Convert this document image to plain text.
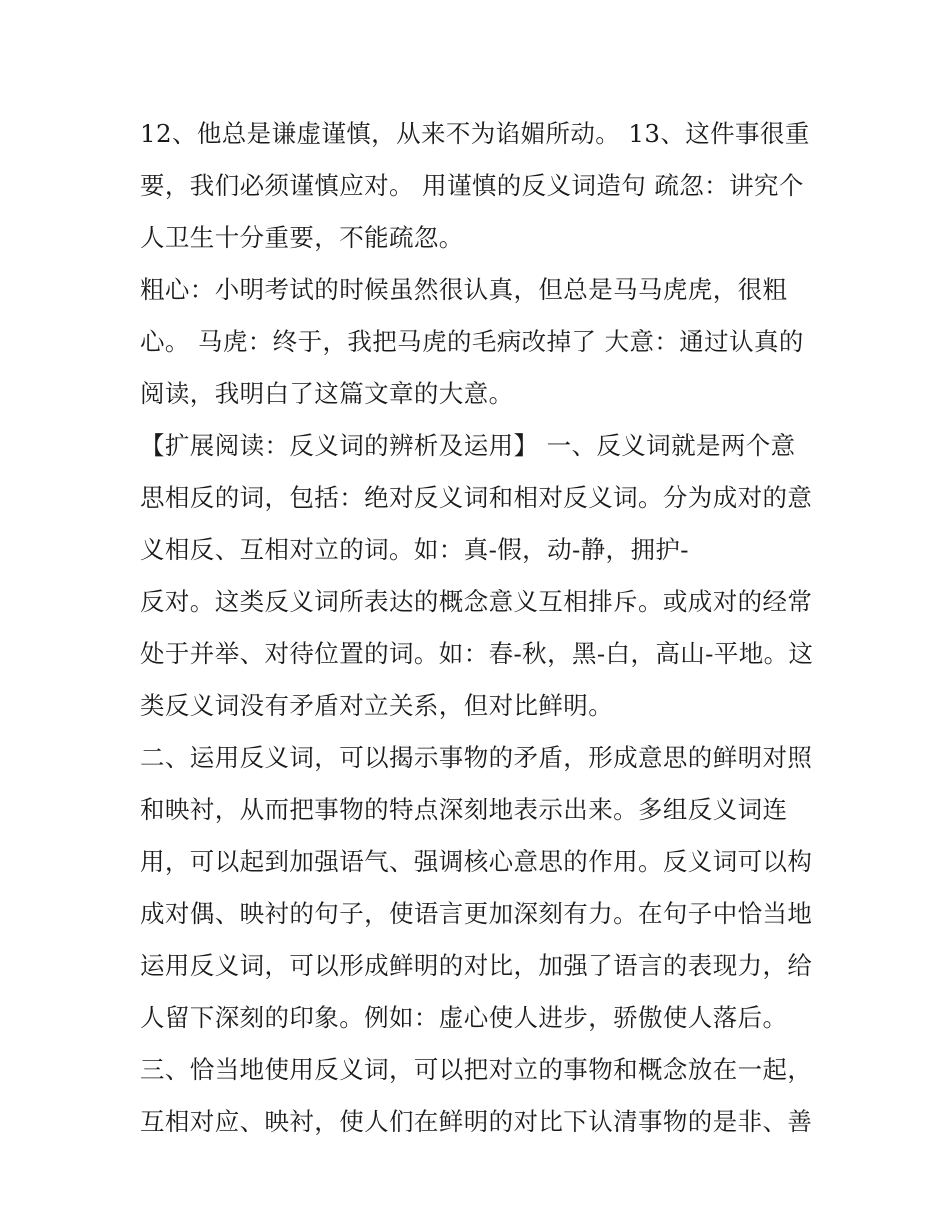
12、他总是谦虚谨慎，从来不为谄媚所动。 13、这件事很重
要，我们必须谨慎应对。 用谨慎的反义词造句 疏忽：讲究个
人卫生十分重要，不能疏忽。
粗心：小明考试的时候虽然很认真，但总是马马虎虎，很粗
心。 马虎：终于，我把马虎的毛病改掉了 大意：通过认真的
阅读，我明白了这篇文章的大意。
【扩展阅读：反义词的辨析及运用】 一、反义词就是两个意
思相反的词，包括：绝对反义词和相对反义词。分为成对的意
义相反、互相对立的词。如：真-假，动-静，拥护-
反对。这类反义词所表达的概念意义互相排斥。或成对的经常
处于并举、对待位置的词。如：春-秋，黑-白，高山-平地。这
类反义词没有矛盾对立关系，但对比鲜明。
二、运用反义词，可以揭示事物的矛盾，形成意思的鲜明对照
和映衬，从而把事物的特点深刻地表示出来。多组反义词连
用，可以起到加强语气、强调核心意思的作用。反义词可以构
成对偶、映衬的句子，使语言更加深刻有力。在句子中恰当地
运用反义词，可以形成鲜明的对比，加强了语言的表现力，给
人留下深刻的印象。例如：虚心使人进步，骄傲使人落后。
三、恰当地使用反义词，可以把对立的事物和概念放在一起，
互相对应、映衬，使人们在鲜明的对比下认清事物的是非、善
